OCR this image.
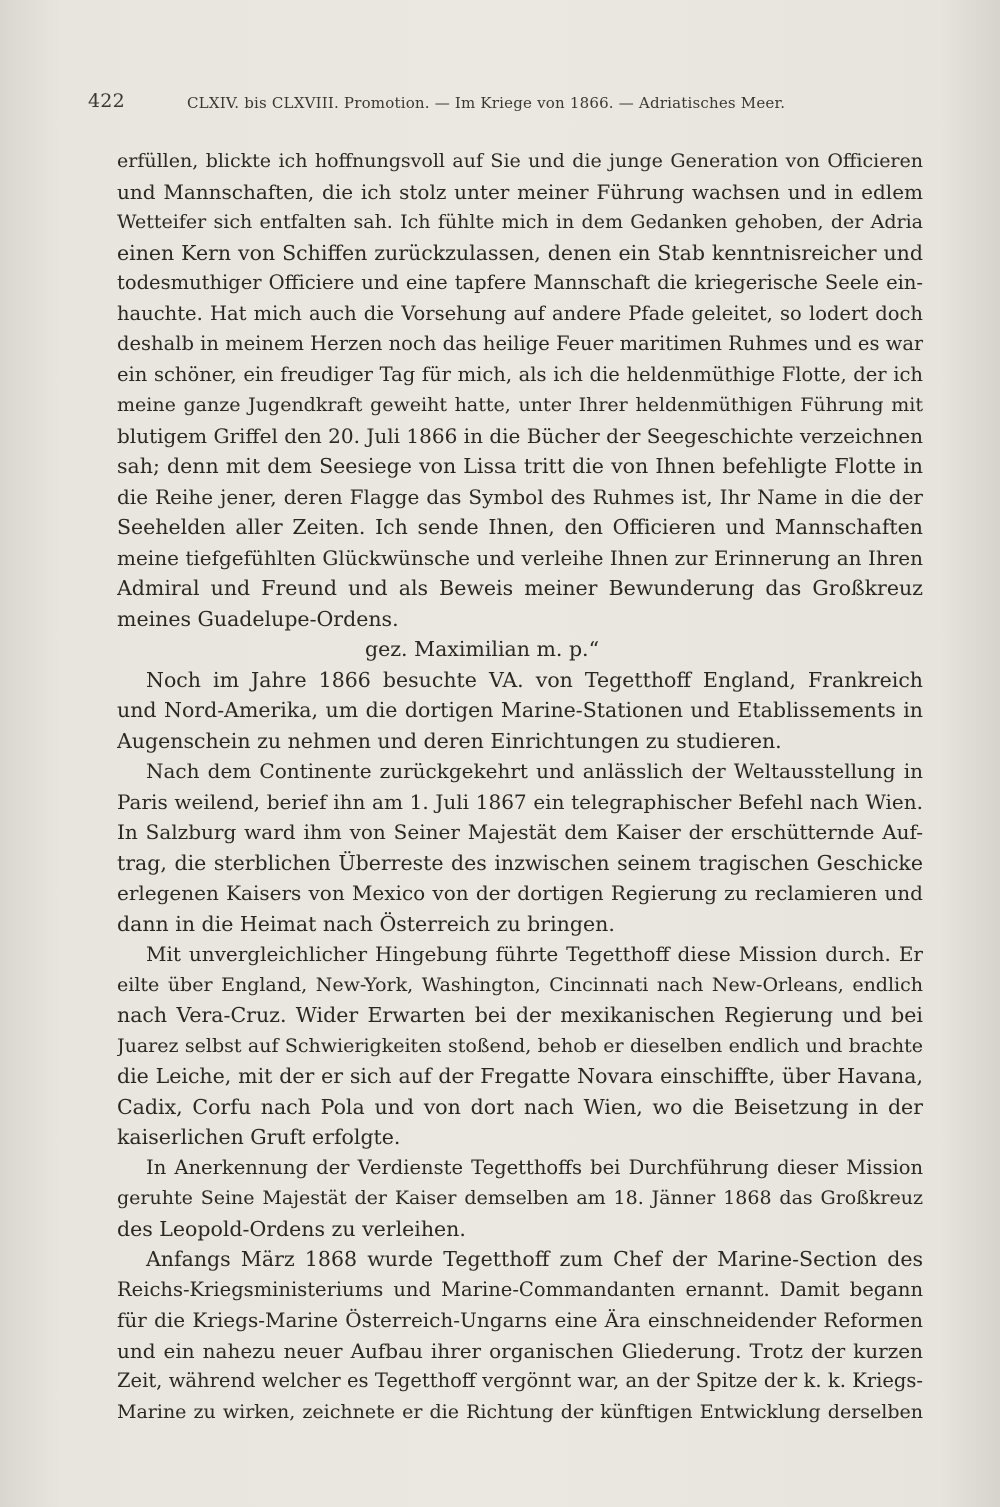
422	CLXIV. bis CLXVIII. Promotion. — Im Kriege von 1866. — Adriatisches Meer.
erfüllen, blickte ich hoffnungsvoll auf Sie und die junge Generation von Officieren
und Mannschaften, die ich stolz unter meiner Führung wachsen und in edlem
Wetteifer sich entfalten sah. Ich fühlte mich in dem Gedanken gehoben, der Adria
einen Kern von Schiffen zurückzulassen, denen ein Stab kenntnisreicher und
todesmuthiger Officiere und eine tapfere Mannschaft die kriegerische Seele ein-
hauchte. Hat mich auch die Vorsehung auf andere Pfade geleitet, so lodert doch
deshalb in meinem Herzen noch das heilige Feuer maritimen Ruhmes und es war
ein schöner, ein freudiger Tag für mich, als ich die heldenmüthige Flotte, der ich
meine ganze Jugendkraft geweiht hatte, unter Ihrer heldenmüthigen Führung mit
blutigem Griffel den 20. Juli 1866 in die Bücher der Seegeschichte verzeichnen
sah; denn mit dem Seesiege von Lissa tritt die von Ihnen befehligte Flotte in
die Reihe jener, deren Flagge das Symbol des Ruhmes ist, Ihr Name in die der
Seehelden aller Zeiten. Ich sende Ihnen, den Officieren und Mannschaften
meine tiefgefühlten Glückwünsche und verleihe Ihnen zur Erinnerung an Ihren
Admiral und Freund und als Beweis meiner Bewunderung das Großkreuz
meines Guadelupe-Ordens.
gez. Maximilian m. p.“
Noch im Jahre 1866 besuchte VA. von Tegetthoff England, Frankreich
und Nord-Amerika, um die dortigen Marine-Stationen und Etablissements in
Augenschein zu nehmen und deren Einrichtungen zu studieren.
Nach dem Continente zurückgekehrt und anlässlich der Weltausstellung in
Paris weilend, berief ihn am 1. Juli 1867 ein telegraphischer Befehl nach Wien.
In Salzburg ward ihm von Seiner Majestät dem Kaiser der erschütternde Auf-
trag, die sterblichen Überreste des inzwischen seinem tragischen Geschicke
erlegenen Kaisers von Mexico von der dortigen Regierung zu reclamieren und
dann in die Heimat nach Österreich zu bringen.
Mit unvergleichlicher Hingebung führte Tegetthoff diese Mission durch. Er
eilte über England, New-York, Washington, Cincinnati nach New-Orleans, endlich
nach Vera-Cruz. Wider Erwarten bei der mexikanischen Regierung und bei
Juarez selbst auf Schwierigkeiten stoßend, behob er dieselben endlich und brachte
die Leiche, mit der er sich auf der Fregatte Novara einschiffte, über Havana,
Cadix, Corfu nach Pola und von dort nach Wien, wo die Beisetzung in der
kaiserlichen Gruft erfolgte.
In Anerkennung der Verdienste Tegetthoffs bei Durchführung dieser Mission
geruhte Seine Majestät der Kaiser demselben am 18. Jänner 1868 das Großkreuz
des Leopold-Ordens zu verleihen.
Anfangs März 1868 wurde Tegetthoff zum Chef der Marine-Section des
Reichs-Kriegsministeriums und Marine-Commandanten ernannt. Damit begann
für die Kriegs-Marine Österreich-Ungarns eine Ära einschneidender Reformen
und ein nahezu neuer Aufbau ihrer organischen Gliederung. Trotz der kurzen
Zeit, während welcher es Tegetthoff vergönnt war, an der Spitze der k. k. Kriegs-
Marine zu wirken, zeichnete er die Richtung der künftigen Entwicklung derselben
